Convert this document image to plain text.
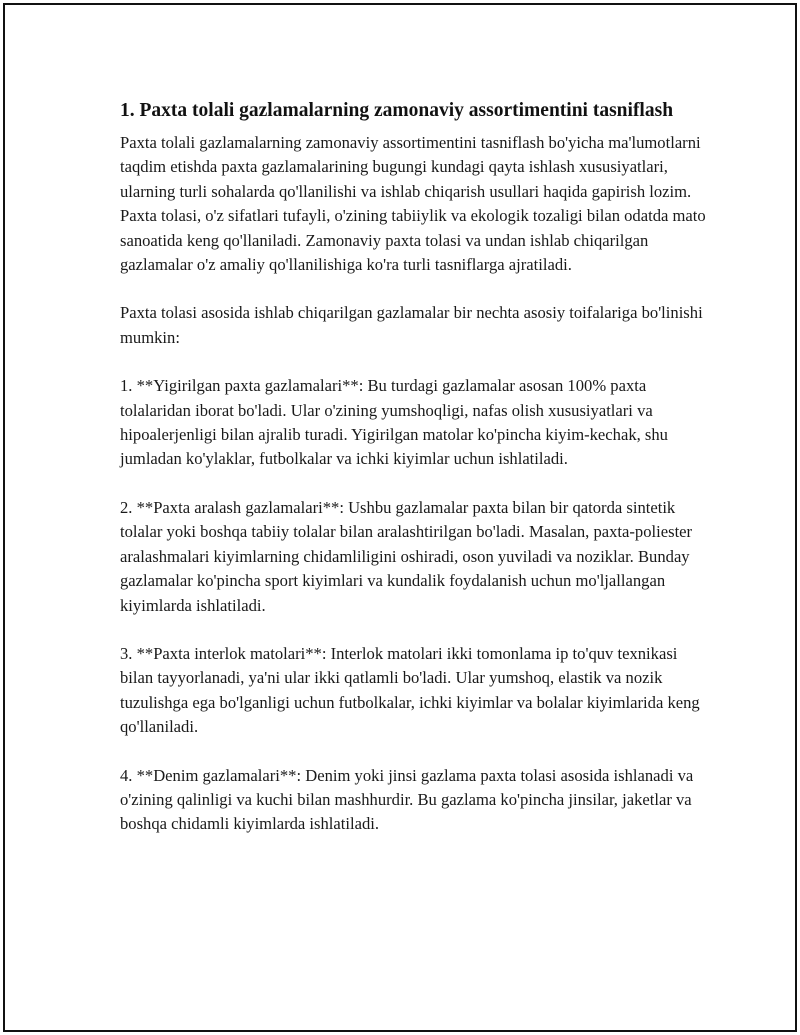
1. Paxta tolali gazlamalarning zamonaviy assortimentini tasniflash

Paxta tolali gazlamalarning zamonaviy assortimentini tasniflash bo'yicha ma'lumotlarni taqdim etishda paxta gazlamalarining bugungi kundagi qayta ishlash xususiyatlari, ularning turli sohalarda qo'llanilishi va ishlab chiqarish usullari haqida gapirish lozim. Paxta tolasi, o'z sifatlari tufayli, o'zining tabiiylik va ekologik tozaligi bilan odatda mato sanoatida keng qo'llaniladi. Zamonaviy paxta tolasi va undan ishlab chiqarilgan gazlamalar o'z amaliy qo'llanilishiga ko'ra turli tasniflarga ajratiladi.

Paxta tolasi asosida ishlab chiqarilgan gazlamalar bir nechta asosiy toifalariga bo'linishi mumkin:

1. **Yigirilgan paxta gazlamalari**: Bu turdagi gazlamalar asosan 100% paxta tolalaridan iborat bo'ladi. Ular o'zining yumshoqligi, nafas olish xususiyatlari va hipoalerjenligi bilan ajralib turadi. Yigirilgan matolar ko'pincha kiyim-kechak, shu jumladan ko'ylaklar, futbolkalar va ichki kiyimlar uchun ishlatiladi.

2. **Paxta aralash gazlamalari**: Ushbu gazlamalar paxta bilan bir qatorda sintetik tolalar yoki boshqa tabiiy tolalar bilan aralashtirilgan bo'ladi. Masalan, paxta-poliester aralashmalari kiyimlarning chidamliligini oshiradi, oson yuviladi va noziklar. Bunday gazlamalar ko'pincha sport kiyimlari va kundalik foydalanish uchun mo'ljallangan kiyimlarda ishlatiladi.

3. **Paxta interlok matolari**: Interlok matolari ikki tomonlama ip to'quv texnikasi bilan tayyorlanadi, ya'ni ular ikki qatlamli bo'ladi. Ular yumshoq, elastik va nozik tuzulishga ega bo'lganligi uchun futbolkalar, ichki kiyimlar va bolalar kiyimlarida keng qo'llaniladi.

4. **Denim gazlamalari**: Denim yoki jinsi gazlama paxta tolasi asosida ishlanadi va o'zining qalinligi va kuchi bilan mashhurdir. Bu gazlama ko'pincha jinsilar, jaketlar va boshqa chidamli kiyimlarda ishlatiladi.
